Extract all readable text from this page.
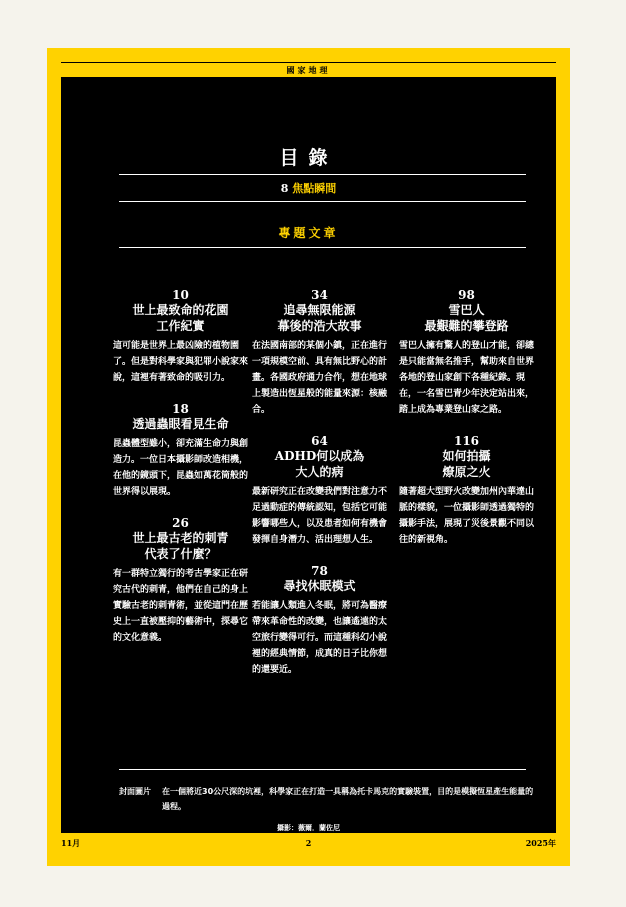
國家地理
目錄
8 焦點瞬間
專題文章
10
世上最致命的花園
工作紀實
這可能是世界上最凶險的植物園了。但是對科學家與犯罪小說家來說，這裡有著致命的吸引力。
18
透過蟲眼看見生命
昆蟲體型雖小，卻充滿生命力與創造力。一位日本攝影師改造相機，在他的鏡頭下，昆蟲如萬花筒般的世界得以展現。
26
世上最古老的刺青
代表了什麼？
有一群特立獨行的考古學家正在研究古代的刺青，他們在自己的身上實驗古老的刺青術，並從這門在歷史上一直被壓抑的藝術中，探尋它的文化意義。
34
追尋無限能源
幕後的浩大故事
在法國南部的某個小鎮，正在進行一項規模空前、具有無比野心的計畫。各國政府通力合作，想在地球上製造出恆星般的能量來源：核融合。
64
ADHD何以成為
大人的病
最新研究正在改變我們對注意力不足過動症的傳統認知，包括它可能影響哪些人，以及患者如何有機會發揮自身潛力、活出理想人生。
78
尋找休眠模式
若能讓人類進入冬眠，將可為醫療帶來革命性的改變，也讓遙遠的太空旅行變得可行。而這種科幻小說裡的經典情節，成真的日子比你想的還要近。
98
雪巴人
最艱難的攀登路
雪巴人擁有驚人的登山才能，卻總是只能當無名推手，幫助來自世界各地的登山家創下各種紀錄。現在，一名雪巴青少年決定站出來，踏上成為專業登山家之路。
116
如何拍攝
燎原之火
隨著超大型野火改變加州內華達山脈的樣貌，一位攝影師透過獨特的攝影手法，展現了災後景觀不同以往的新視角。
封面圖片 在一個將近30公尺深的坑裡，科學家正在打造一具稱為托卡馬克的實驗裝置，目的是模擬恆星產生能量的過程。
攝影：薇爾．蘭佐尼
11月	2	2025年
